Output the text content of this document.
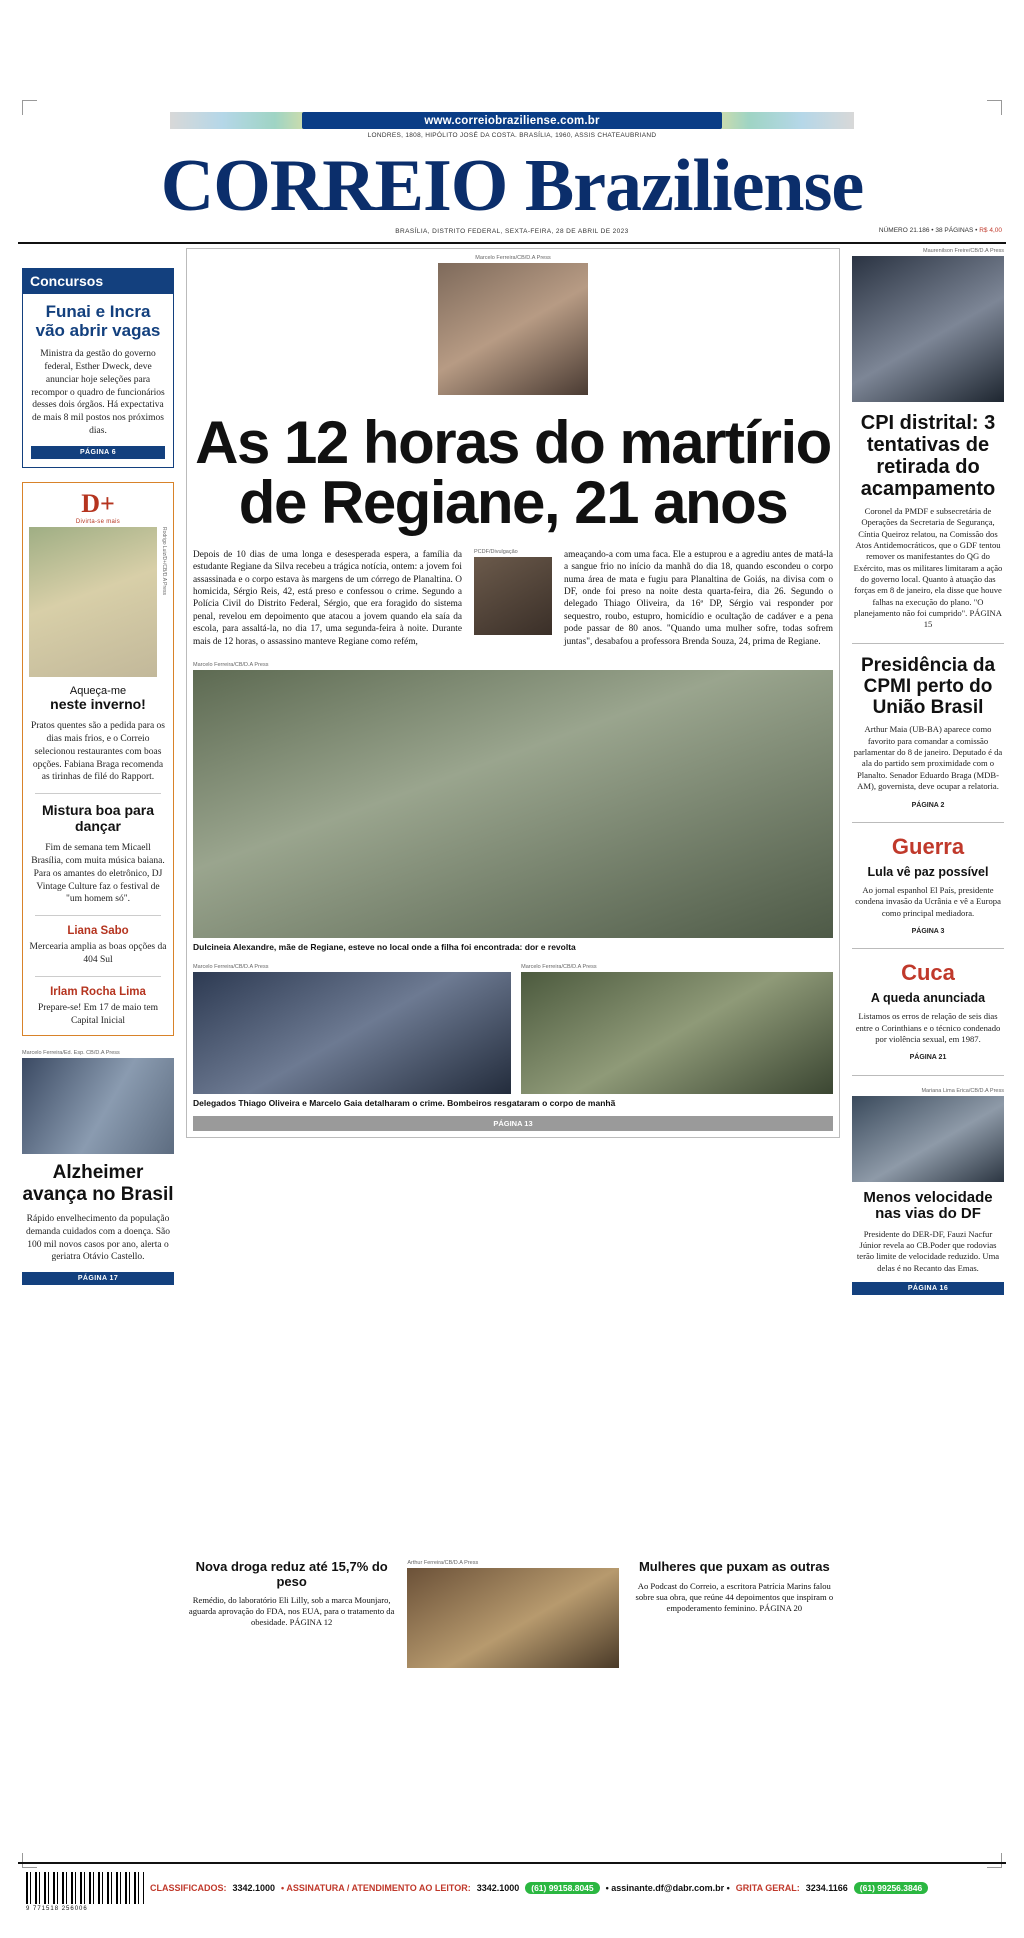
www.correiobraziliense.com.br
LONDRES, 1808, HIPÓLITO JOSÉ DA COSTA. BRASÍLIA, 1960, ASSIS CHATEAUBRIAND
CORREIO Braziliense
BRASÍLIA, DISTRITO FEDERAL, SEXTA-FEIRA, 28 DE ABRIL DE 2023	NÚMERO 21.186 • 38 PÁGINAS • R$ 4,00
Concursos
Funai e Incra vão abrir vagas
Ministra da gestão do governo federal, Esther Dweck, deve anunciar hoje seleções para recompor o quadro de funcionários desses dois órgãos. Há expectativa de mais 8 mil postos nos próximos dias.
PÁGINA 6
D+
Divirta-se mais
Rodrigo Luiz/D+/CB/D.A Press
Aqueça-me
neste inverno!
Pratos quentes são a pedida para os dias mais frios, e o Correio selecionou restaurantes com boas opções. Fabiana Braga recomenda as tirinhas de filé do Rapport.
Mistura boa para dançar
Fim de semana tem Micaell Brasília, com muita música baiana. Para os amantes do eletrônico, DJ Vintage Culture faz o festival de "um homem só".
Liana Sabo
Mercearia amplia as boas opções da 404 Sul
Irlam Rocha Lima
Prepare-se! Em 17 de maio tem Capital Inicial
Marcelo Ferreira/Ed. Esp. CB/D.A Press
Alzheimer avança no Brasil
Rápido envelhecimento da população demanda cuidados com a doença. São 100 mil novos casos por ano, alerta o geriatra Otávio Castello.
PÁGINA 17
Marcelo Ferreira/CB/D.A Press
As 12 horas do martírio de Regiane, 21 anos
Depois de 10 dias de uma longa e desesperada espera, a família da estudante Regiane da Silva recebeu a trágica notícia, ontem: a jovem foi assassinada e o corpo estava às margens de um córrego de Planaltina. O homicida, Sérgio Reis, 42, está preso e confessou o crime. Segundo a Polícia Civil do Distrito Federal, Sérgio, que era foragido do sistema penal, revelou em depoimento que atacou a jovem quando ela saía da escola, para assaltá-la, no dia 17, uma segunda-feira à noite. Durante mais de 12 horas, o assassino manteve Regiane como refém,
PCDF/Divulgação	ameaçando-a com uma faca. Ele a estuprou e a agrediu antes de matá-la a sangue frio no início da manhã do dia 18, quando escondeu o corpo numa área de mata e fugiu para Planaltina de Goiás, na divisa com o DF, onde foi preso na noite desta quarta-feira, dia 26. Segundo o delegado Thiago Oliveira, da 16ª DP, Sérgio vai responder por sequestro, roubo, estupro, homicídio e ocultação de cadáver e a pena pode passar de 80 anos. "Quando uma mulher sofre, todas sofrem juntas", desabafou a professora Brenda Souza, 24, prima de Regiane.
Marcelo Ferreira/CB/D.A Press
Dulcineia Alexandre, mãe de Regiane, esteve no local onde a filha foi encontrada: dor e revolta
Marcelo Ferreira/CB/D.A Press	Marcelo Ferreira/CB/D.A Press
Delegados Thiago Oliveira e Marcelo Gaia detalharam o crime. Bombeiros resgataram o corpo de manhã
PÁGINA 13
Nova droga reduz até 15,7% do peso
Remédio, do laboratório Eli Lilly, sob a marca Mounjaro, aguarda aprovação do FDA, nos EUA, para o tratamento da obesidade. PÁGINA 12
Arthur Ferreira/CB/D.A Press	Mulheres que puxam as outras
Ao Podcast do Correio, a escritora Patrícia Marins falou sobre sua obra, que reúne 44 depoimentos que inspiram o empoderamento feminino. PÁGINA 20
Maurenilson Freire/CB/D.A Press
CPI distrital: 3 tentativas de retirada do acampamento
Coronel da PMDF e subsecretária de Operações da Secretaria de Segurança, Cíntia Queiroz relatou, na Comissão dos Atos Antidemocráticos, que o GDF tentou remover os manifestantes do QG do Exército, mas os militares limitaram a ação do governo local. Quanto à atuação das forças em 8 de janeiro, ela disse que houve falhas na execução do plano. "O planejamento não foi cumprido". PÁGINA 15
Presidência da CPMI perto do União Brasil
Arthur Maia (UB-BA) aparece como favorito para comandar a comissão parlamentar do 8 de janeiro. Deputado é da ala do partido sem proximidade com o Planalto. Senador Eduardo Braga (MDB-AM), governista, deve ocupar a relatoria.
PÁGINA 2
Guerra
Lula vê paz possível
Ao jornal espanhol El País, presidente condena invasão da Ucrânia e vê a Europa como principal mediadora.
PÁGINA 3
Cuca
A queda anunciada
Listamos os erros de relação de seis dias entre o Corinthians e o técnico condenado por violência sexual, em 1987.
PÁGINA 21
Mariana Lima Erica/CB/D.A Press
Menos velocidade nas vias do DF
Presidente do DER-DF, Fauzi Nacfur Júnior revela ao CB.Poder que rodovias terão limite de velocidade reduzido. Uma delas é no Recanto das Emas.
PÁGINA 16
9 771518 256006
CLASSIFICADOS: 3342.1000 • ASSINATURA / ATENDIMENTO AO LEITOR: 3342.1000 (61) 99158.8045 • assinante.df@dabr.com.br • GRITA GERAL: 3234.1166 (61) 99256.3846
